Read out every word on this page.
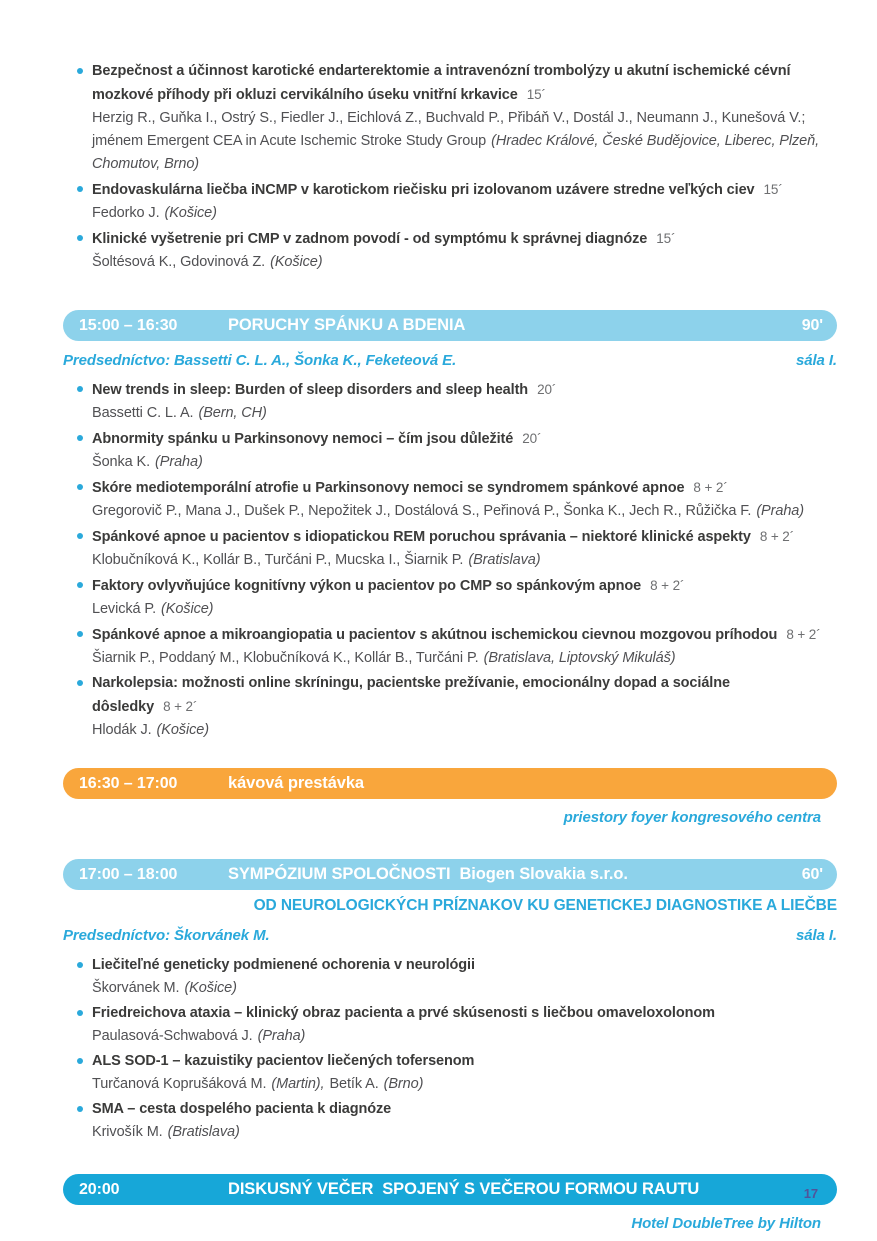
Bezpečnost a účinnost karotické endarterektomie a intravenózní trombolýzy u akutní ischemické cévní mozkové příhody při okluzi cervikálního úseku vnitřní krkavice 15´
Herzig R., Guňka I., Ostrý S., Fiedler J., Eichlová Z., Buchvald P., Přibáň V., Dostál J., Neumann J., Kunešová V.; jménem Emergent CEA in Acute Ischemic Stroke Study Group (Hradec Králové, České Budějovice, Liberec, Plzeň, Chomutov, Brno)
Endovaskulárna liečba iNCMP v karotickom riečisku pri izolovanom uzávere stredne veľkých ciev 15´
Fedorko J. (Košice)
Klinické vyšetrenie pri CMP v zadnom povodí - od symptómu k správnej diagnóze 15´
Šoltésová K., Gdovinová Z. (Košice)
15:00 – 16:30	PORUCHY SPÁNKU A BDENIA	90'
Predsedníctvo: Bassetti C. L. A., Šonka K., Feketeová E.	sála I.
New trends in sleep: Burden of sleep disorders and sleep health 20´
Bassetti C. L. A. (Bern, CH)
Abnormity spánku u Parkinsonovy nemoci – čím jsou důležité 20´
Šonka K. (Praha)
Skóre mediotemporální atrofie u Parkinsonovy nemoci se syndromem spánkové apnoe 8 + 2´
Gregorovič P., Mana J., Dušek P., Nepožitek J., Dostálová S., Peřinová P., Šonka K., Jech R., Růžička F. (Praha)
Spánkové apnoe u pacientov s idiopatickou REM poruchou správania – niektoré klinické aspekty 8 + 2´
Klobučníková K., Kollár B., Turčáni P., Mucska I., Šiarnik P. (Bratislava)
Faktory ovlyvňujúce kognitívny výkon u pacientov po CMP so spánkovým apnoe 8 + 2´
Levická P. (Košice)
Spánkové apnoe a mikroangiopatia u pacientov s akútnou ischemickou cievnou mozgovou príhodou 8 + 2´
Šiarnik P., Poddaný M., Klobučníková K., Kollár B., Turčáni P. (Bratislava, Liptovský Mikuláš)
Narkolepsia: možnosti online skríningu, pacientske prežívanie, emocionálny dopad a sociálne dôsledky 8 + 2´
Hlodák J. (Košice)
16:30 – 17:00	kávová prestávka
priestory foyer kongresového centra
17:00 – 18:00	SYMPÓZIUM SPOLOČNOSTI  Biogen Slovakia s.r.o.	60'
OD NEUROLOGICKÝCH PRÍZNAKOV KU GENETICKEJ DIAGNOSTIKE A LIEČBE
Predsedníctvo: Škorvánek M.	sála I.
Liečiteľné geneticky podmienené ochorenia v neurológii
Škorvánek M. (Košice)
Friedreichova ataxia – klinický obraz pacienta a prvé skúsenosti s liečbou omaveloxolonom
Paulasová-Schwabová J. (Praha)
ALS SOD-1 – kazuistiky pacientov liečených tofersenom
Turčanová Koprušáková M. (Martin), Betík A. (Brno)
SMA – cesta dospelého pacienta k diagnóze
Krivošík M. (Bratislava)
20:00	DISKUSNÝ VEČER  SPOJENÝ S VEČEROU FORMOU RAUTU
Hotel DoubleTree by Hilton
17
